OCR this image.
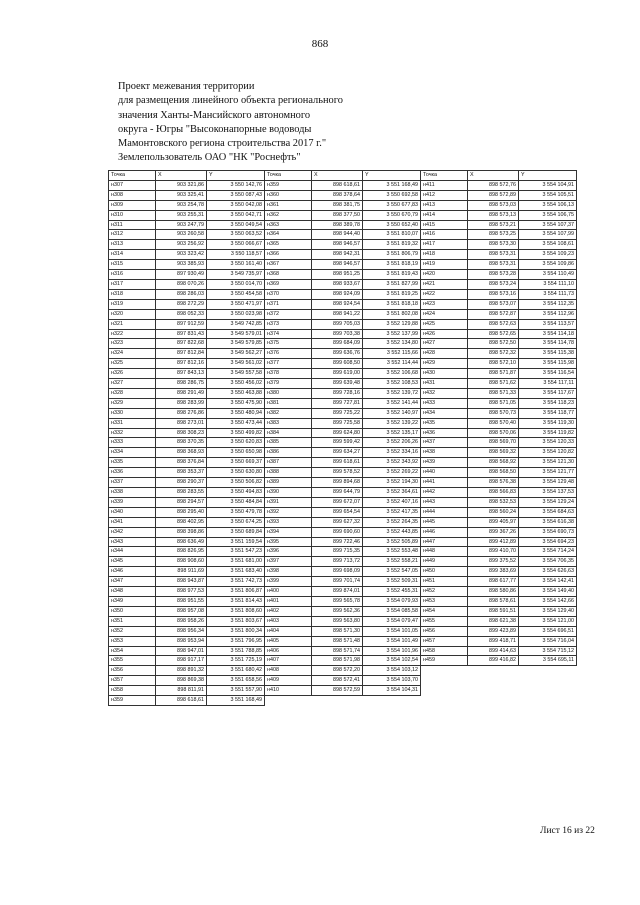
868
Проект межевания территории
для размещения линейного объекта регионального
значения Ханты-Мансийского автономного
округа - Югры "Высоконапорные водоводы
Мамонтовского региона строительства 2017 г."
Землепользователь ОАО "НК "Роснефть"
Точка	X	Y	Точка	X	Y	Точка	X	Y
н307	903 321,86	3 550 142,76	н359	898 618,61	3 551 168,49	н411	898 572,76	3 554 104,91
н308	903 325,41	3 550 087,43	н360	898 378,64	3 550 692,58	н412	898 572,89	3 554 105,51
н309	903 254,78	3 550 042,08	н361	898 381,75	3 550 677,83	н413	898 573,03	3 554 106,13
н310	903 255,31	3 550 042,71	н362	898 377,50	3 550 670,79	н414	898 573,13	3 554 106,75
н311	903 247,79	3 550 049,54	н363	898 389,78	3 550 652,40	н415	898 573,21	3 554 107,37
н312	903 260,58	3 550 063,52	н364	898 944,40	3 551 810,07	н416	898 573,25	3 554 107,99
н313	903 256,92	3 550 066,67	н365	898 946,57	3 551 819,32	н417	898 573,30	3 554 108,61
н314	903 323,42	3 550 118,57	н366	898 942,31	3 551 806,79	н418	898 573,31	3 554 109,23
н315	903 385,93	3 550 161,40	н367	898 946,57	3 551 818,19	н419	898 573,31	3 554 109,86
н316	897 930,49	3 549 735,97	н368	898 951,25	3 551 819,43	н420	898 573,28	3 554 110,49
н317	898 070,26	3 550 014,70	н369	898 933,67	3 551 827,99	н421	898 573,24	3 554 111,10
н318	898 286,03	3 550 454,58	н370	898 924,09	3 551 819,25	н422	898 573,16	3 554 111,73
н319	898 272,29	3 550 471,97	н371	898 924,54	3 551 818,18	н423	898 573,07	3 554 112,35
н320	898 052,33	3 550 023,98	н372	898 941,22	3 551 802,08	н424	898 572,87	3 554 112,96
н321	897 912,59	3 549 742,85	н373	899 705,03	3 552 129,88	н425	898 572,63	3 554 113,57
н322	897 831,43	3 549 579,01	н374	899 703,38	3 552 137,99	н426	898 572,65	3 554 114,18
н323	897 822,68	3 549 579,85	н375	899 684,09	3 552 134,80	н427	898 572,50	3 554 114,78
н324	897 812,84	3 549 562,27	н376	899 636,76	3 552 115,66	н428	898 572,32	3 554 115,38
н325	897 812,16	3 549 561,02	н377	899 608,50	3 552 114,44	н429	898 572,10	3 554 115,98
н326	897 843,13	3 549 557,58	н378	899 619,00	3 552 106,68	н430	898 571,87	3 554 116,54
н327	898 286,75	3 550 456,02	н379	899 639,48	3 552 108,53	н431	898 571,62	3 554 117,11
н328	898 291,49	3 550 463,88	н380	899 728,16	3 552 139,72	н432	898 571,33	3 554 117,67
н329	898 283,99	3 550 475,90	н381	899 727,81	3 552 141,44	н433	898 571,05	3 554 118,23
н330	898 276,86	3 550 480,94	н382	899 725,22	3 552 140,97	н434	898 570,73	3 554 118,77
н331	898 273,01	3 550 473,44	н383	899 725,58	3 552 139,22	н435	898 570,40	3 554 119,30
н332	898 308,23	3 550 499,82	н384	899 624,80	3 552 135,17	н436	898 570,06	3 554 119,82
н333	898 370,35	3 550 620,83	н385	899 599,42	3 552 206,26	н437	898 569,70	3 554 120,33
н334	898 368,93	3 550 650,98	н386	899 634,27	3 552 334,16	н438	898 569,32	3 554 120,82
н335	898 376,84	3 550 669,37	н387	899 618,61	3 552 343,92	н439	898 568,92	3 554 121,30
н336	898 353,37	3 550 630,80	н388	899 578,52	3 552 269,22	н440	898 568,50	3 554 121,77
н337	898 290,37	3 550 506,82	н389	899 894,68	3 552 194,30	н441	898 576,38	3 554 129,48
н338	898 283,55	3 550 494,83	н390	899 644,79	3 552 364,61	н442	898 566,83	3 554 137,53
н339	898 294,57	3 550 484,84	н391	899 672,07	3 552 407,16	н443	898 532,53	3 554 129,24
н340	898 295,40	3 550 479,78	н392	899 654,54	3 552 417,35	н444	898 560,24	3 554 684,63
н341	898 402,95	3 550 674,25	н393	899 627,32	3 552 264,35	н445	899 405,97	3 554 616,38
н342	898 398,86	3 550 689,84	н394	899 690,60	3 552 443,85	н446	899 367,26	3 554 690,73
н343	898 636,49	3 551 159,54	н395	899 722,46	3 552 505,89	н447	899 412,89	3 554 694,23
н344	898 826,95	3 551 547,23	н396	899 715,35	3 552 553,48	н448	899 410,70	3 554 714,24
н345	898 908,60	3 551 681,00	н397	899 713,72	3 552 558,21	н449	899 375,52	3 554 706,35
н346	898 911,69	3 551 683,40	н398	899 698,09	3 552 547,05	н450	899 383,69	3 554 626,63
н347	898 943,87	3 551 742,73	н399	899 701,74	3 552 509,31	н451	898 617,77	3 554 142,41
н348	898 977,53	3 551 806,87	н400	899 874,01	3 552 455,31	н452	898 580,86	3 554 149,40
н349	898 951,55	3 551 814,43	н401	899 565,78	3 554 079,93	н453	898 578,61	3 554 142,66
н350	898 957,08	3 551 808,60	н402	899 562,36	3 554 085,58	н454	898 591,51	3 554 129,40
н351	898 958,26	3 551 803,67	н403	899 563,80	3 554 079,47	н455	898 621,38	3 554 121,00
н352	898 956,34	3 551 800,34	н404	898 571,30	3 554 101,05	н456	899 423,89	3 554 696,51
н353	898 953,94	3 551 796,95	н405	898 571,48	3 554 101,49	н457	899 418,71	3 554 716,04
н354	898 947,01	3 551 788,85	н406	898 571,74	3 554 101,96	н458	899 414,63	3 554 715,12
н355	898 917,17	3 551 725,19	н407	898 571,98	3 554 102,54	н459	899 416,82	3 554 695,11
н356	898 891,32	3 551 680,42	н408	898 572,20	3 554 103,12			
н357	898 869,38	3 551 658,56	н409	898 572,41	3 554 103,70			
н358	898 811,91	3 551 557,90	н410	898 572,59	3 554 104,31			
н359	898 618,61	3 551 168,49						
Лист 16 из 22
